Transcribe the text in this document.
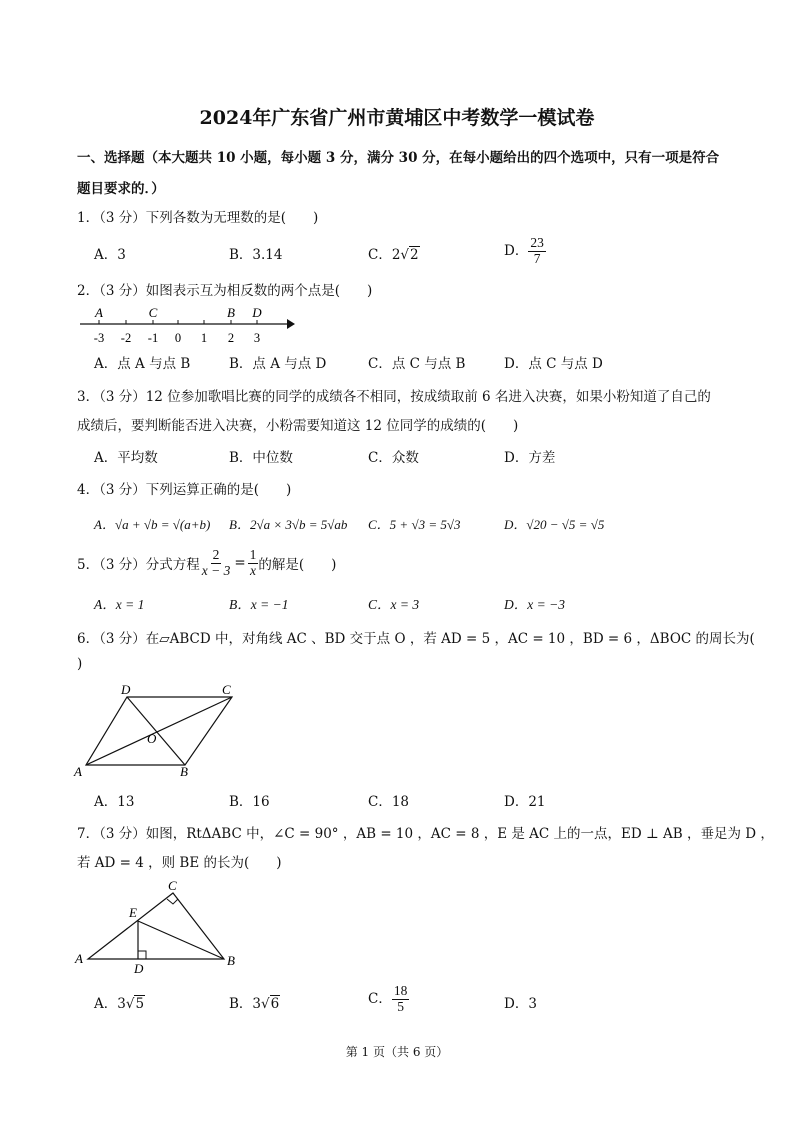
2024年广东省广州市黄埔区中考数学一模试卷
一、选择题（本大题共 10 小题，每小题 3 分，满分 30 分，在每小题给出的四个选项中，只有一项是符合
题目要求的．）
1．（3 分）下列各数为无理数的是(　　)
A．3	B．3.14	C．2√2	D． $\frac{23}{7}$
2．（3 分）如图表示互为相反数的两个点是(　　)
A	C	B D
-3 -2 -1 0 1 2 3
A．点 A 与点 B	B．点 A 与点 D	C．点 C 与点 B	D．点 C 与点 D
3．（3 分）12 位参加歌唱比赛的同学的成绩各不相同，按成绩取前 6 名进入决赛，如果小粉知道了自己的
成绩后，要判断能否进入决赛，小粉需要知道这 12 位同学的成绩的(　　)
A．平均数	B．中位数	C．众数	D．方差
4．（3 分）下列运算正确的是(　　)
A．√a + √b = √(a+b) B．2√a × 3√b = 5√ab C．5 + √3 = 5√3	D．√20 − √5 = √5
5．（3 分）分式方程 $\frac{2}{x - 3} = \frac{1}{x}$ 的解是(　　)
A．x = 1	B．x = −1	C．x = 3	D．x = −3
6．（3 分）在▱ABCD 中，对角线 AC 、BD 交于点 O ，若 AD = 5 ，AC = 10 ，BD = 6 ，ΔBOC 的周长为(
)
D	C
O
A	B
A．13	B．16	C．18	D．21
7．（3 分）如图，RtΔABC 中，∠C = 90° ，AB = 10 ，AC = 8 ，E 是 AC 上的一点，ED ⊥ AB ，垂足为 D ，
若 AD = 4 ，则 BE 的长为(　　)
C
E
A
D
B
A．3√5	B．3√6	C． $\frac{18}{5}$	D．3
第 1 页（共 6 页）
